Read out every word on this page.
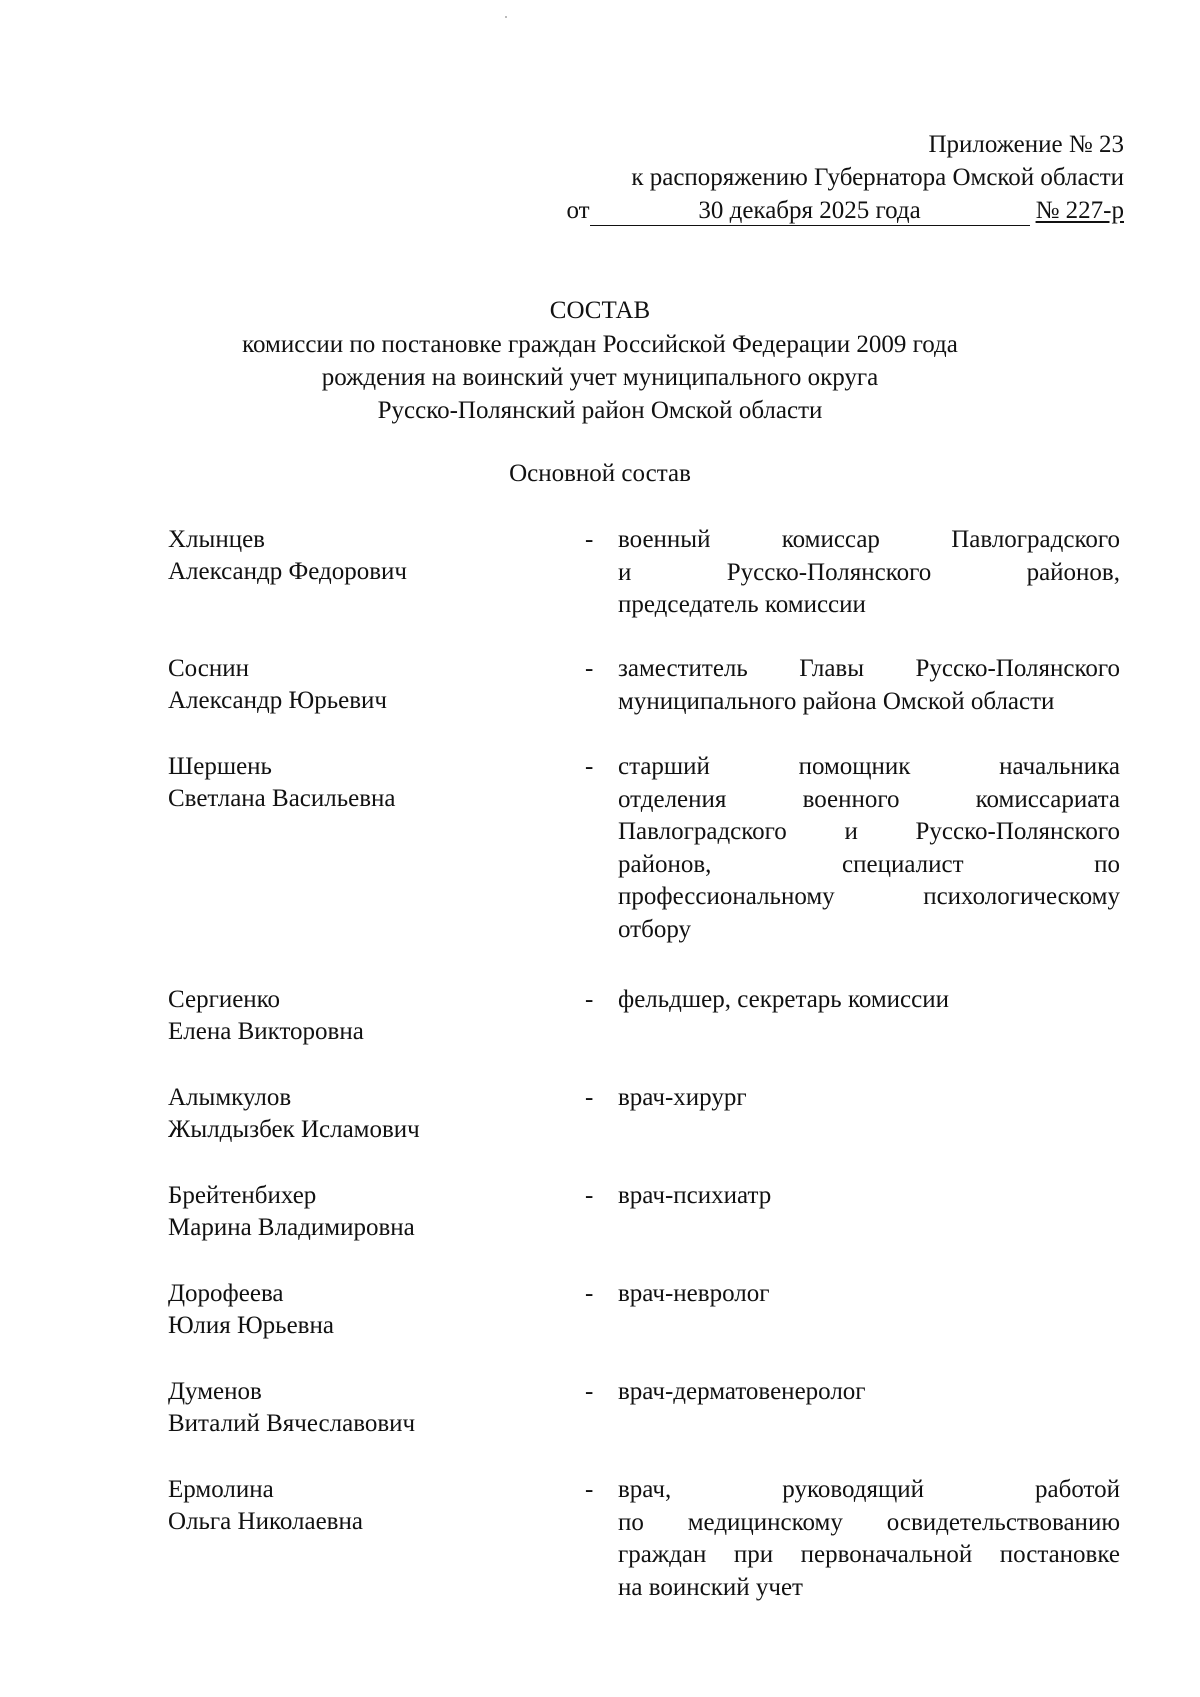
Приложение № 23
к распоряжению Губернатора Омской области
от	30 декабря 2025 года	№ 227-р
СОСТАВ
комиссии по постановке граждан Российской Федерации 2009 года
рождения на воинский учет муниципального округа
Русско-Полянский район Омской области
Основной состав
Хлынцев
Александр Федорович
- военный	комиссар	Павлоградского
и	Русско-Полянского	районов,
председатель комиссии
Соснин
Александр Юрьевич
- заместитель Главы Русско-Полянского
муниципального района Омской области
Шершень
Светлана Васильевна
- старший	помощник	начальника
отделения	военного	комиссариата
Павлоградского и Русско-Полянского
районов,	специалист	по
профессиональному	психологическому
отбору
Сергиенко
Елена Викторовна
- фельдшер, секретарь комиссии
Алымкулов
Жылдызбек Исламович
- врач-хирург
Брейтенбихер
Марина Владимировна
- врач-психиатр
Дорофеева
Юлия Юрьевна
- врач-невролог
Думенов
Виталий Вячеславович
- врач-дерматовенеролог
Ермолина
Ольга Николаевна
- врач,	руководящий	работой
по медицинскому освидетельствованию
граждан при первоначальной постановке
на воинский учет
